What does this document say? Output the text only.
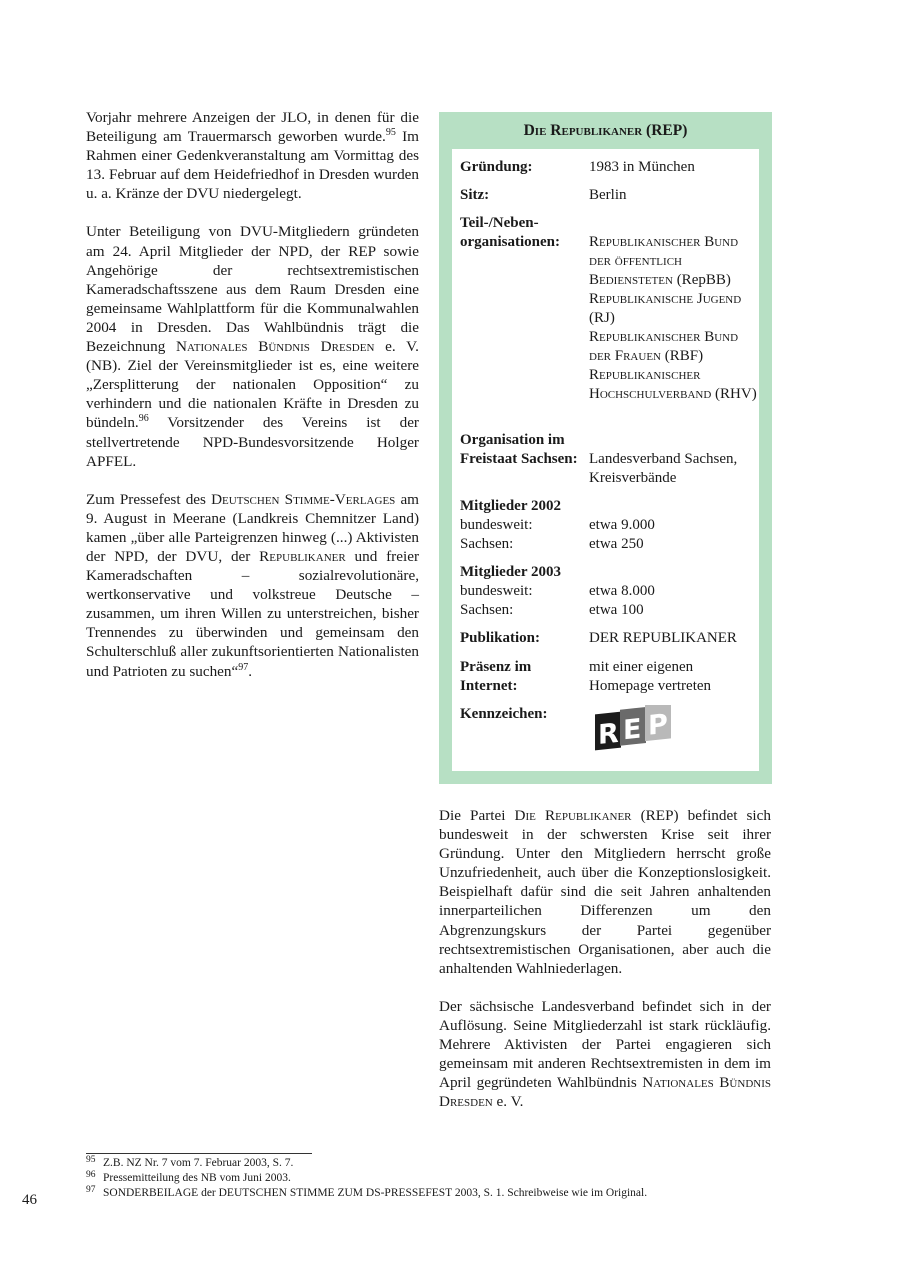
Vorjahr mehrere Anzeigen der JLO, in denen für die Beteiligung am Trauermarsch geworben wurde.$^{95}$ Im Rahmen einer Gedenkveranstaltung am Vormittag des 13. Februar auf dem Heidefriedhof in Dresden wurden u. a. Kränze der DVU niedergelegt.

Unter Beteiligung von DVU-Mitgliedern gründeten am 24. April Mitglieder der NPD, der REP sowie Angehörige der rechtsextremistischen Kameradschaftsszene aus dem Raum Dresden eine gemeinsame Wahlplattform für die Kommunalwahlen 2004 in Dresden. Das Wahlbündnis trägt die Bezeichnung Nationales Bündnis Dresden e. V. (NB). Ziel der Vereinsmitglieder ist es, eine weitere „Zersplitterung der nationalen Opposition“ zu verhindern und die nationalen Kräfte in Dresden zu bündeln.$^{96}$ Vorsitzender des Vereins ist der stellvertretende NPD-Bundesvorsitzende Holger APFEL.

Zum Pressefest des Deutschen Stimme-Verlages am 9. August in Meerane (Landkreis Chemnitzer Land) kamen „über alle Parteigrenzen hinweg (...) Aktivisten der NPD, der DVU, der Republikaner und freier Kameradschaften – sozialrevolutionäre, wertkonservative und volkstreue Deutsche – zusammen, um ihren Willen zu unterstreichen, bisher Trennendes zu überwinden und gemeinsam den Schulterschluß aller zukunftsorientierten Nationalisten und Patrioten zu suchen“$^{97}$.

Die Republikaner (REP)
Gründung:	1983 in München
Sitz:	Berlin
Teil-/Neben-
organisationen:	Republikanischer Bund der öffentlich Bediensteten (RepBB)
Republikanische Jugend (RJ)
Republikanischer Bund der Frauen (RBF)
Republikanischer Hochschulverband (RHV)
Organisation im
Freistaat Sachsen: Landesverband Sachsen,
Kreisverbände
Mitglieder 2002
bundesweit:	etwa 9.000
Sachsen:	etwa 250
Mitglieder 2003
bundesweit:	etwa 8.000
Sachsen:	etwa 100
Publikation:	DER REPUBLIKANER
Präsenz im
Internet:
mit einer eigenen
Homepage vertreten
Kennzeichen:
R E P

Die Partei Die Republikaner (REP) befindet sich bundesweit in der schwersten Krise seit ihrer Gründung. Unter den Mitgliedern herrscht große Unzufriedenheit, auch über die Konzeptionslosigkeit. Beispielhaft dafür sind die seit Jahren anhaltenden innerparteilichen Differenzen um den Abgrenzungskurs der Partei gegenüber rechtsextremistischen Organisationen, aber auch die anhaltenden Wahlniederlagen.

Der sächsische Landesverband befindet sich in der Auflösung. Seine Mitgliederzahl ist stark rückläufig. Mehrere Aktivisten der Partei engagieren sich gemeinsam mit anderen Rechtsextremisten in dem im April gegründeten Wahlbündnis Nationales Bündnis Dresden e. V.

95 Z.B. NZ Nr. 7 vom 7. Februar 2003, S. 7.
96 Pressemitteilung des NB vom Juni 2003.
97 SONDERBEILAGE der DEUTSCHEN STIMME ZUM DS-PRESSEFEST 2003, S. 1. Schreibweise wie im Original.
46
